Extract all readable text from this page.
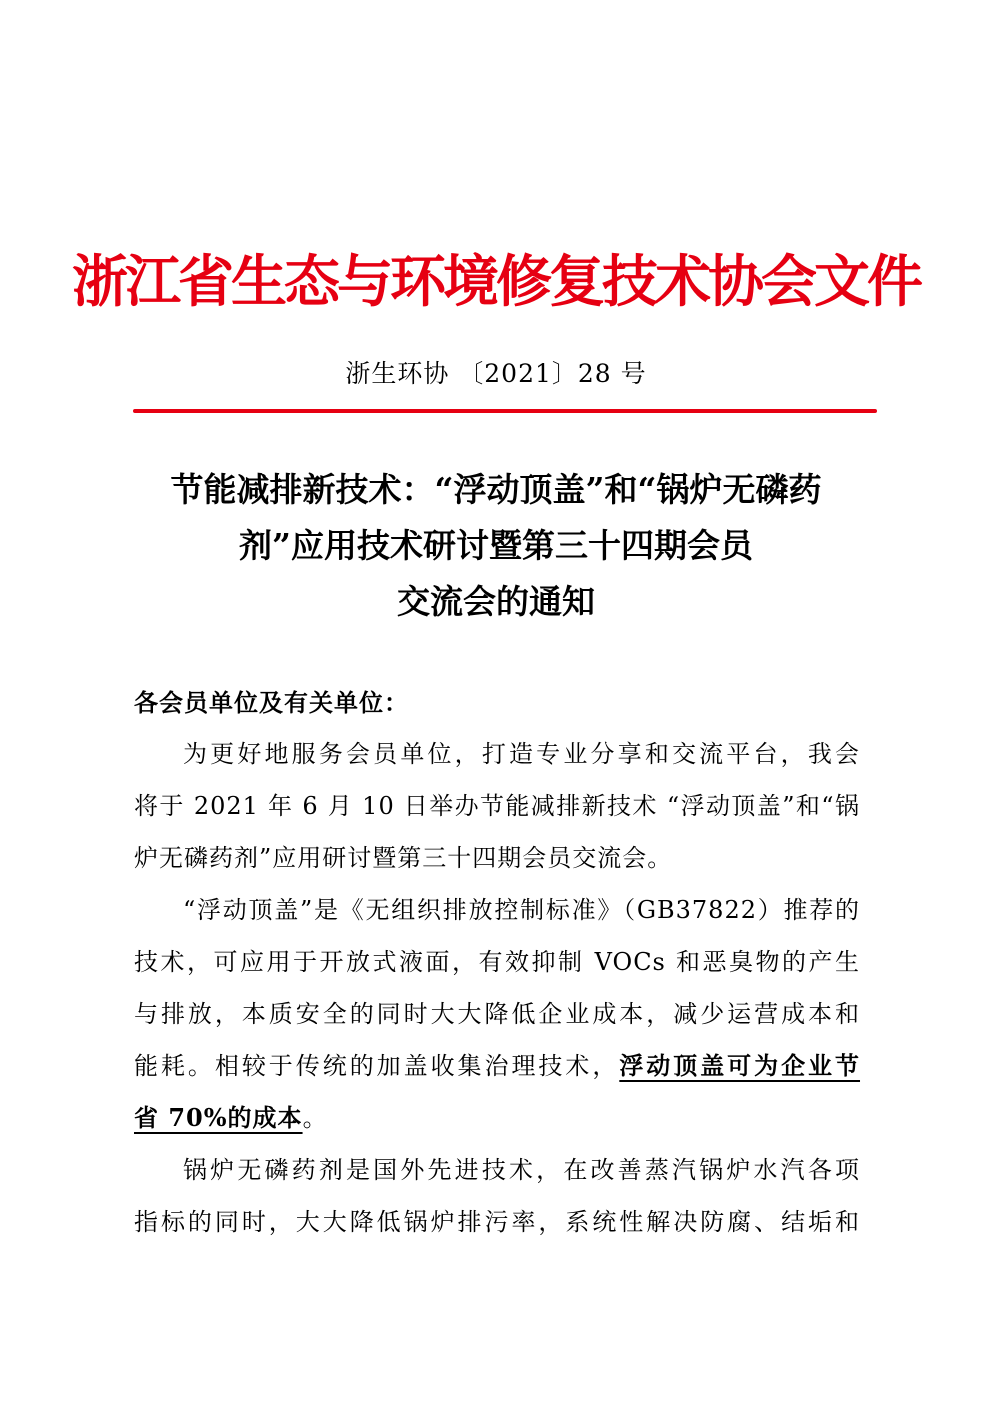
浙江省生态与环境修复技术协会文件
浙生环协 〔2021〕28 号
节能减排新技术：“浮动顶盖”和“锅炉无磷药
剂”应用技术研讨暨第三十四期会员
交流会的通知
各会员单位及有关单位：
为更好地服务会员单位，打造专业分享和交流平台，我会
将于 2021 年 6 月 10 日举办节能减排新技术 “浮动顶盖”和“锅
炉无磷药剂”应用研讨暨第三十四期会员交流会。
“浮动顶盖”是《无组织排放控制标准》（GB37822）推荐的
技术，可应用于开放式液面，有效抑制 VOCs 和恶臭物的产生
与排放，本质安全的同时大大降低企业成本，减少运营成本和
能耗。相较于传统的加盖收集治理技术，浮动顶盖可为企业节
省 70%的成本。
锅炉无磷药剂是国外先进技术，在改善蒸汽锅炉水汽各项
指标的同时，大大降低锅炉排污率，系统性解决防腐、结垢和
